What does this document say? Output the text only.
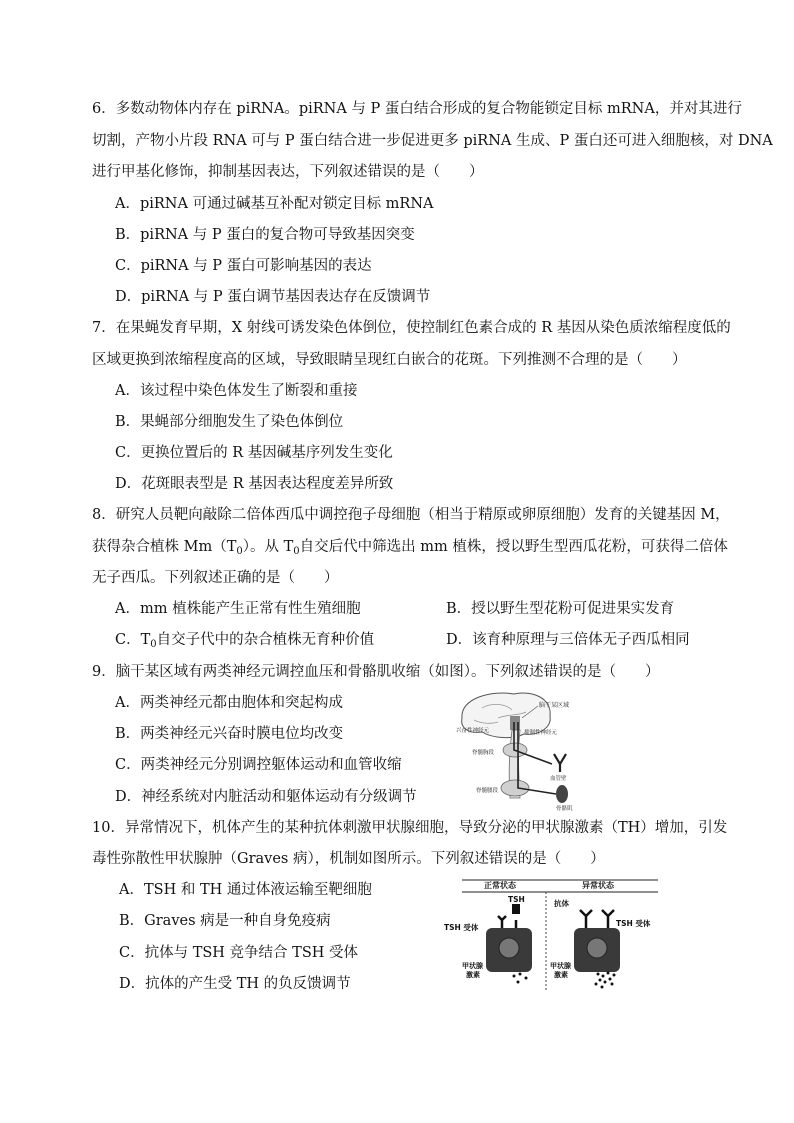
6．多数动物体内存在 piRNA。piRNA 与 P 蛋白结合形成的复合物能锁定目标 mRNA，并对其进行
切割，产物小片段 RNA 可与 P 蛋白结合进一步促进更多 piRNA 生成、P 蛋白还可进入细胞核，对 DNA
进行甲基化修饰，抑制基因表达，下列叙述错误的是（　　）
A．piRNA 可通过碱基互补配对锁定目标 mRNA
B．piRNA 与 P 蛋白的复合物可导致基因突变
C．piRNA 与 P 蛋白可影响基因的表达
D．piRNA 与 P 蛋白调节基因表达存在反馈调节
7．在果蝇发育早期，X 射线可诱发染色体倒位，使控制红色素合成的 R 基因从染色质浓缩程度低的
区域更换到浓缩程度高的区域，导致眼睛呈现红白嵌合的花斑。下列推测不合理的是（　　）
A．该过程中染色体发生了断裂和重接
B．果蝇部分细胞发生了染色体倒位
C．更换位置后的 R 基因碱基序列发生变化
D．花斑眼表型是 R 基因表达程度差异所致
8．研究人员靶向敲除二倍体西瓜中调控孢子母细胞（相当于精原或卵原细胞）发育的关键基因 M，
获得杂合植株 $Mm(T_0)$。从 $T_0$自交后代中筛选出 mm 植株，授以野生型西瓜花粉，可获得二倍体
无子西瓜。下列叙述正确的是（　　）
A．mm 植株能产生正常有性生殖细胞	B．授以野生型花粉可促进果实发育
C．$T_0$自交子代中的杂合植株无育种价值	D．该育种原理与三倍体无子西瓜相同
9．脑干某区域有两类神经元调控血压和骨骼肌收缩（如图）。下列叙述错误的是（　　）
A．两类神经元都由胞体和突起构成
B．两类神经元兴奋时膜电位均改变
C．两类神经元分别调控躯体运动和血管收缩
D．神经系统对内脏活动和躯体运动有分级调节
脑干某区域
兴奋性神经元	抑制性神经元
脊髓胸段
血管壁
脊髓腰段
骨骼肌
10．异常情况下，机体产生的某种抗体刺激甲状腺细胞，导致分泌的甲状腺激素（TH）增加，引发
毒性弥散性甲状腺肿（Graves 病），机制如图所示。下列叙述错误的是（　　）
A．TSH 和 TH 通过体液运输至靶细胞
B．Graves 病是一种自身免疫病
C．抗体与 TSH 竞争结合 TSH 受体
D．抗体的产生受 TH 的负反馈调节
正常状态	异常状态
TSH
TSH 受体
甲状腺
激素
抗体
TSH 受体
甲状腺
激素
